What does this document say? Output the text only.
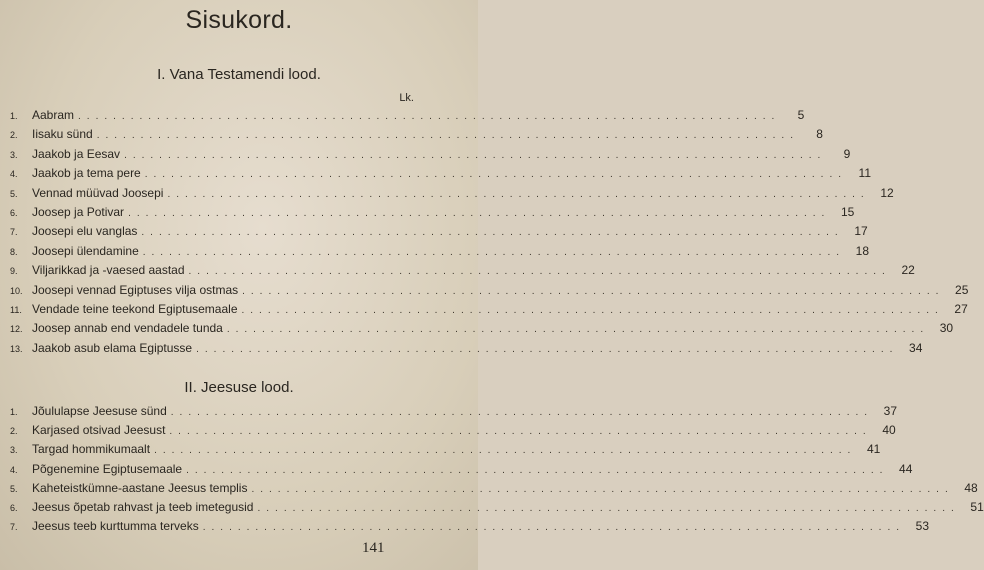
Sisukord.
I. Vana Testamendi lood.
Lk.
1.	Aabram ................................................................................	5
2.	Iisaku sünd ................................................................................	8
3.	Jaakob ja Eesav ................................................................................	9
4.	Jaakob ja tema pere ................................................................................ 11
5.	Vennad müüvad Joosepi ................................................................................ 12
6.	Joosep ja Potivar ................................................................................ 15
7.	Joosepi elu vanglas ................................................................................ 17
8.	Joosepi ülendamine ................................................................................ 18
9.	Viljarikkad ja -vaesed aastad ................................................................................ 22
10. Joosepi vennad Egiptuses vilja ostmas ................................................................................ 25
11. Vendade teine teekond Egiptusemaale ................................................................................ 27
12. Joosep annab end vendadele tunda ................................................................................ 30
13. Jaakob asub elama Egiptusse ................................................................................ 34
II. Jeesuse lood.
1.	Jõululapse Jeesuse sünd ................................................................................ 37
2.	Karjased otsivad Jeesust ................................................................................ 40
3.	Targad hommikumaalt ................................................................................ 41
4.	Põgenemine Egiptusemaale ................................................................................ 44
5.	Kaheteistkümne-aastane Jeesus templis ................................................................................ 48
6.	Jeesus õpetab rahvast ja teeb imetegusid ................................................................................ 51
7.	Jeesus teeb kurttumma terveks ................................................................................ 53
141
